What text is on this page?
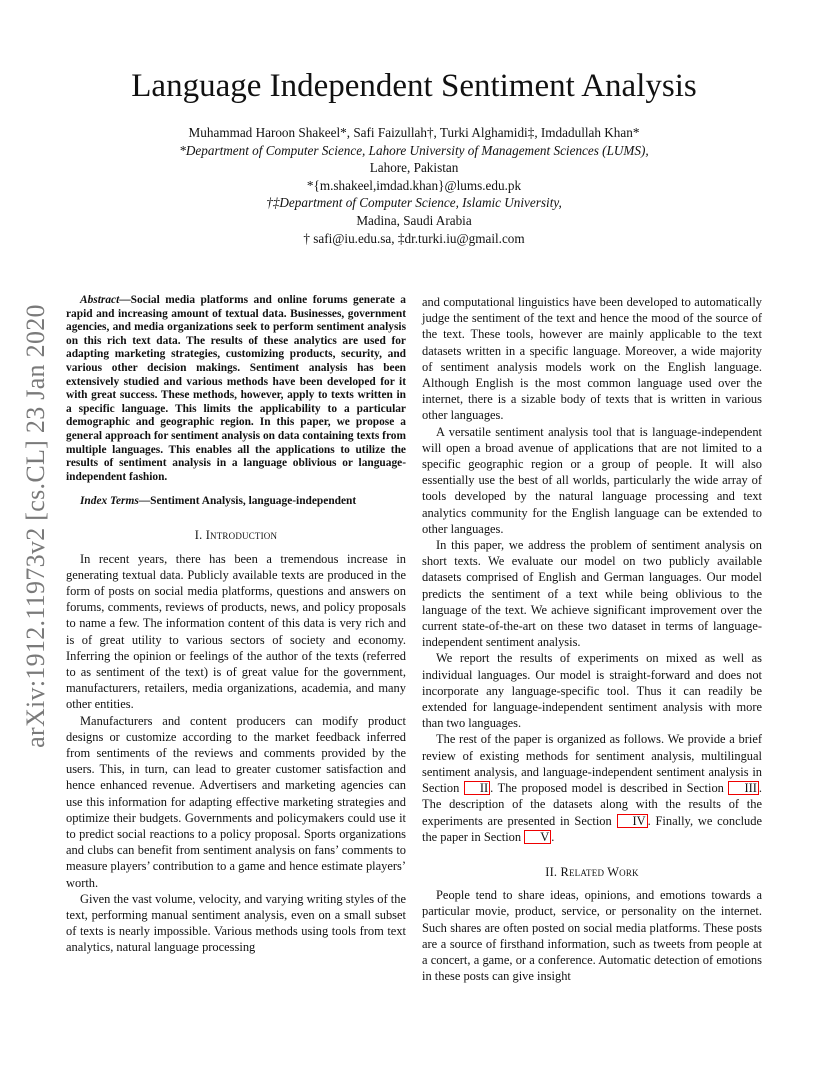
Language Independent Sentiment Analysis
Muhammad Haroon Shakeel*, Safi Faizullah†, Turki Alghamidi‡, Imdadullah Khan*
*Department of Computer Science, Lahore University of Management Sciences (LUMS),
Lahore, Pakistan
*{m.shakeel,imdad.khan}@lums.edu.pk
†‡Department of Computer Science, Islamic University,
Madina, Saudi Arabia
† safi@iu.edu.sa, ‡dr.turki.iu@gmail.com
arXiv:1912.11973v2 [cs.CL] 23 Jan 2020

Abstract—Social media platforms and online forums generate a rapid and increasing amount of textual data. Businesses, government agencies, and media organizations seek to perform sentiment analysis on this rich text data. The results of these analytics are used for adapting marketing strategies, customizing products, security, and various other decision makings. Sentiment analysis has been extensively studied and various methods have been developed for it with great success. These methods, however, apply to texts written in a specific language. This limits the applicability to a particular demographic and geographic region. In this paper, we propose a general approach for sentiment analysis on data containing texts from multiple languages. This enables all the applications to utilize the results of sentiment analysis in a language oblivious or language-independent fashion.

Index Terms—Sentiment Analysis, language-independent

I. Introduction

In recent years, there has been a tremendous increase in generating textual data. Publicly available texts are produced in the form of posts on social media platforms, questions and answers on forums, comments, reviews of products, news, and policy proposals to name a few. The information content of this data is very rich and is of great utility to various sectors of society and economy. Inferring the opinion or feelings of the author of the texts (referred to as sentiment of the text) is of great value for the government, manufacturers, retailers, media organizations, academia, and many other entities.

Manufacturers and content producers can modify product designs or customize according to the market feedback inferred from sentiments of the reviews and comments provided by the users. This, in turn, can lead to greater customer satisfaction and hence enhanced revenue. Advertisers and marketing agencies can use this information for adapting effective marketing strategies and optimize their budgets. Governments and policymakers could use it to predict social reactions to a policy proposal. Sports organizations and clubs can benefit from sentiment analysis on fans’ comments to measure players’ contribution to a game and hence estimate players’ worth.

Given the vast volume, velocity, and varying writing styles of the text, performing manual sentiment analysis, even on a small subset of texts is nearly impossible. Various methods using tools from text analytics, natural language processing

and computational linguistics have been developed to automatically judge the sentiment of the text and hence the mood of the source of the text. These tools, however are mainly applicable to the text datasets written in a specific language. Moreover, a wide majority of sentiment analysis models work on the English language. Although English is the most common language used over the internet, there is a sizable body of texts that is written in various other languages.

A versatile sentiment analysis tool that is language-independent will open a broad avenue of applications that are not limited to a specific geographic region or a group of people. It will also essentially use the best of all worlds, particularly the wide array of tools developed by the natural language processing and text analytics community for the English language can be extended to other languages.

In this paper, we address the problem of sentiment analysis on short texts. We evaluate our model on two publicly available datasets comprised of English and German languages. Our model predicts the sentiment of a text while being oblivious to the language of the text. We achieve significant improvement over the current state-of-the-art on these two dataset in terms of language-independent sentiment analysis.

We report the results of experiments on mixed as well as individual languages. Our model is straight-forward and does not incorporate any language-specific tool. Thus it can readily be extended for language-independent sentiment analysis with more than two languages.

The rest of the paper is organized as follows. We provide a brief review of existing methods for sentiment analysis, multilingual sentiment analysis, and language-independent sentiment analysis in Section II . The proposed model is described in Section III . The description of the datasets along with the results of the experiments are presented in Section IV . Finally, we conclude the paper in Section V .

II. Related Work

People tend to share ideas, opinions, and emotions towards a particular movie, product, service, or personality on the internet. Such shares are often posted on social media platforms. These posts are a source of firsthand information, such as tweets from people at a concert, a game, or a conference. Automatic detection of emotions in these posts can give insight
